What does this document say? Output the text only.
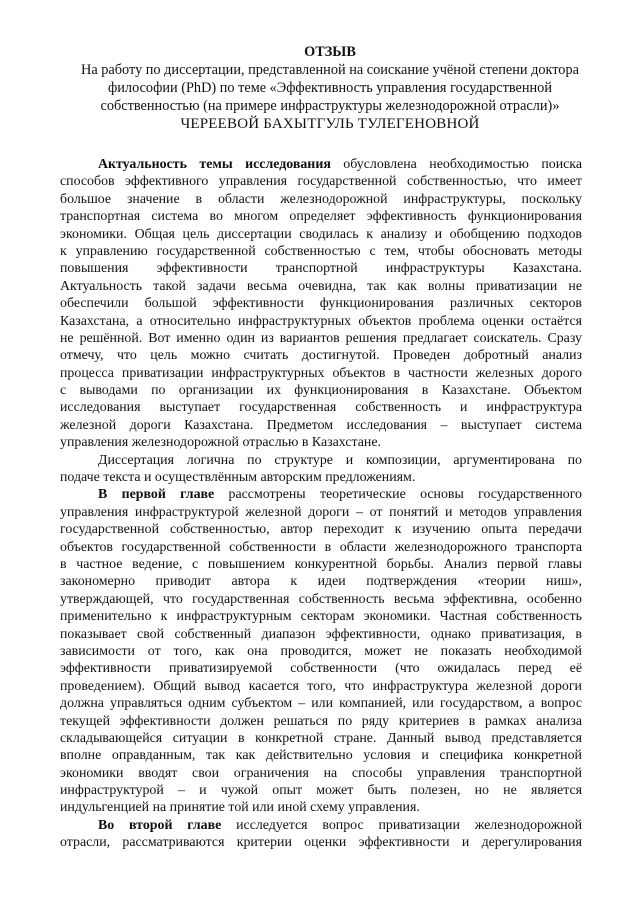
ОТЗЫВ
На работу по диссертации, представленной на соискание учёной степени доктора
философии (PhD) по теме «Эффективность управления государственной
собственностью (на примере инфраструктуры железнодорожной отрасли)»
ЧЕРЕЕВОЙ БАХЫТГУЛЬ ТУЛЕГЕНОВНОЙ
Актуальность темы исследования обусловлена необходимостью поиска
способов эффективного управления государственной собственностью, что имеет
большое значение в области железнодорожной инфраструктуры, поскольку
транспортная система во многом определяет эффективность функционирования
экономики. Общая цель диссертации сводилась к анализу и обобщению подходов
к управлению государственной собственностью с тем, чтобы обосновать методы
повышения эффективности транспортной инфраструктуры Казахстана.
Актуальность такой задачи весьма очевидна, так как волны приватизации не
обеспечили большой эффективности функционирования различных секторов
Казахстана, а относительно инфраструктурных объектов проблема оценки остаётся
не решённой. Вот именно один из вариантов решения предлагает соискатель. Сразу
отмечу, что цель можно считать достигнутой. Проведен добротный анализ
процесса приватизации инфраструктурных объектов в частности железных дорого
с выводами по организации их функционирования в Казахстане. Объектом
исследования выступает государственная собственность и инфраструктура
железной дороги Казахстана. Предметом исследования – выступает система
управления железнодорожной отраслью в Казахстане.
Диссертация логична по структуре и композиции, аргументирована по
подаче текста и осуществлённым авторским предложениям.
В первой главе рассмотрены теоретические основы государственного
управления инфраструктурой железной дороги – от понятий и методов управления
государственной собственностью, автор переходит к изучению опыта передачи
объектов государственной собственности в области железнодорожного транспорта
в частное ведение, с повышением конкурентной борьбы. Анализ первой главы
закономерно приводит автора к идеи подтверждения «теории ниш»,
утверждающей, что государственная собственность весьма эффективна, особенно
применительно к инфраструктурным секторам экономики. Частная собственность
показывает свой собственный диапазон эффективности, однако приватизация, в
зависимости от того, как она проводится, может не показать необходимой
эффективности приватизируемой собственности (что ожидалась перед её
проведением). Общий вывод касается того, что инфраструктура железной дороги
должна управляться одним субъектом – или компанией, или государством, а вопрос
текущей эффективности должен решаться по ряду критериев в рамках анализа
складывающейся ситуации в конкретной стране. Данный вывод представляется
вполне оправданным, так как действительно условия и специфика конкретной
экономики вводят свои ограничения на способы управления транспортной
инфраструктурой – и чужой опыт может быть полезен, но не является
индульгенцией на принятие той или иной схему управления.
Во второй главе исследуется вопрос приватизации железнодорожной
отрасли, рассматриваются критерии оценки эффективности и дерегулирования
